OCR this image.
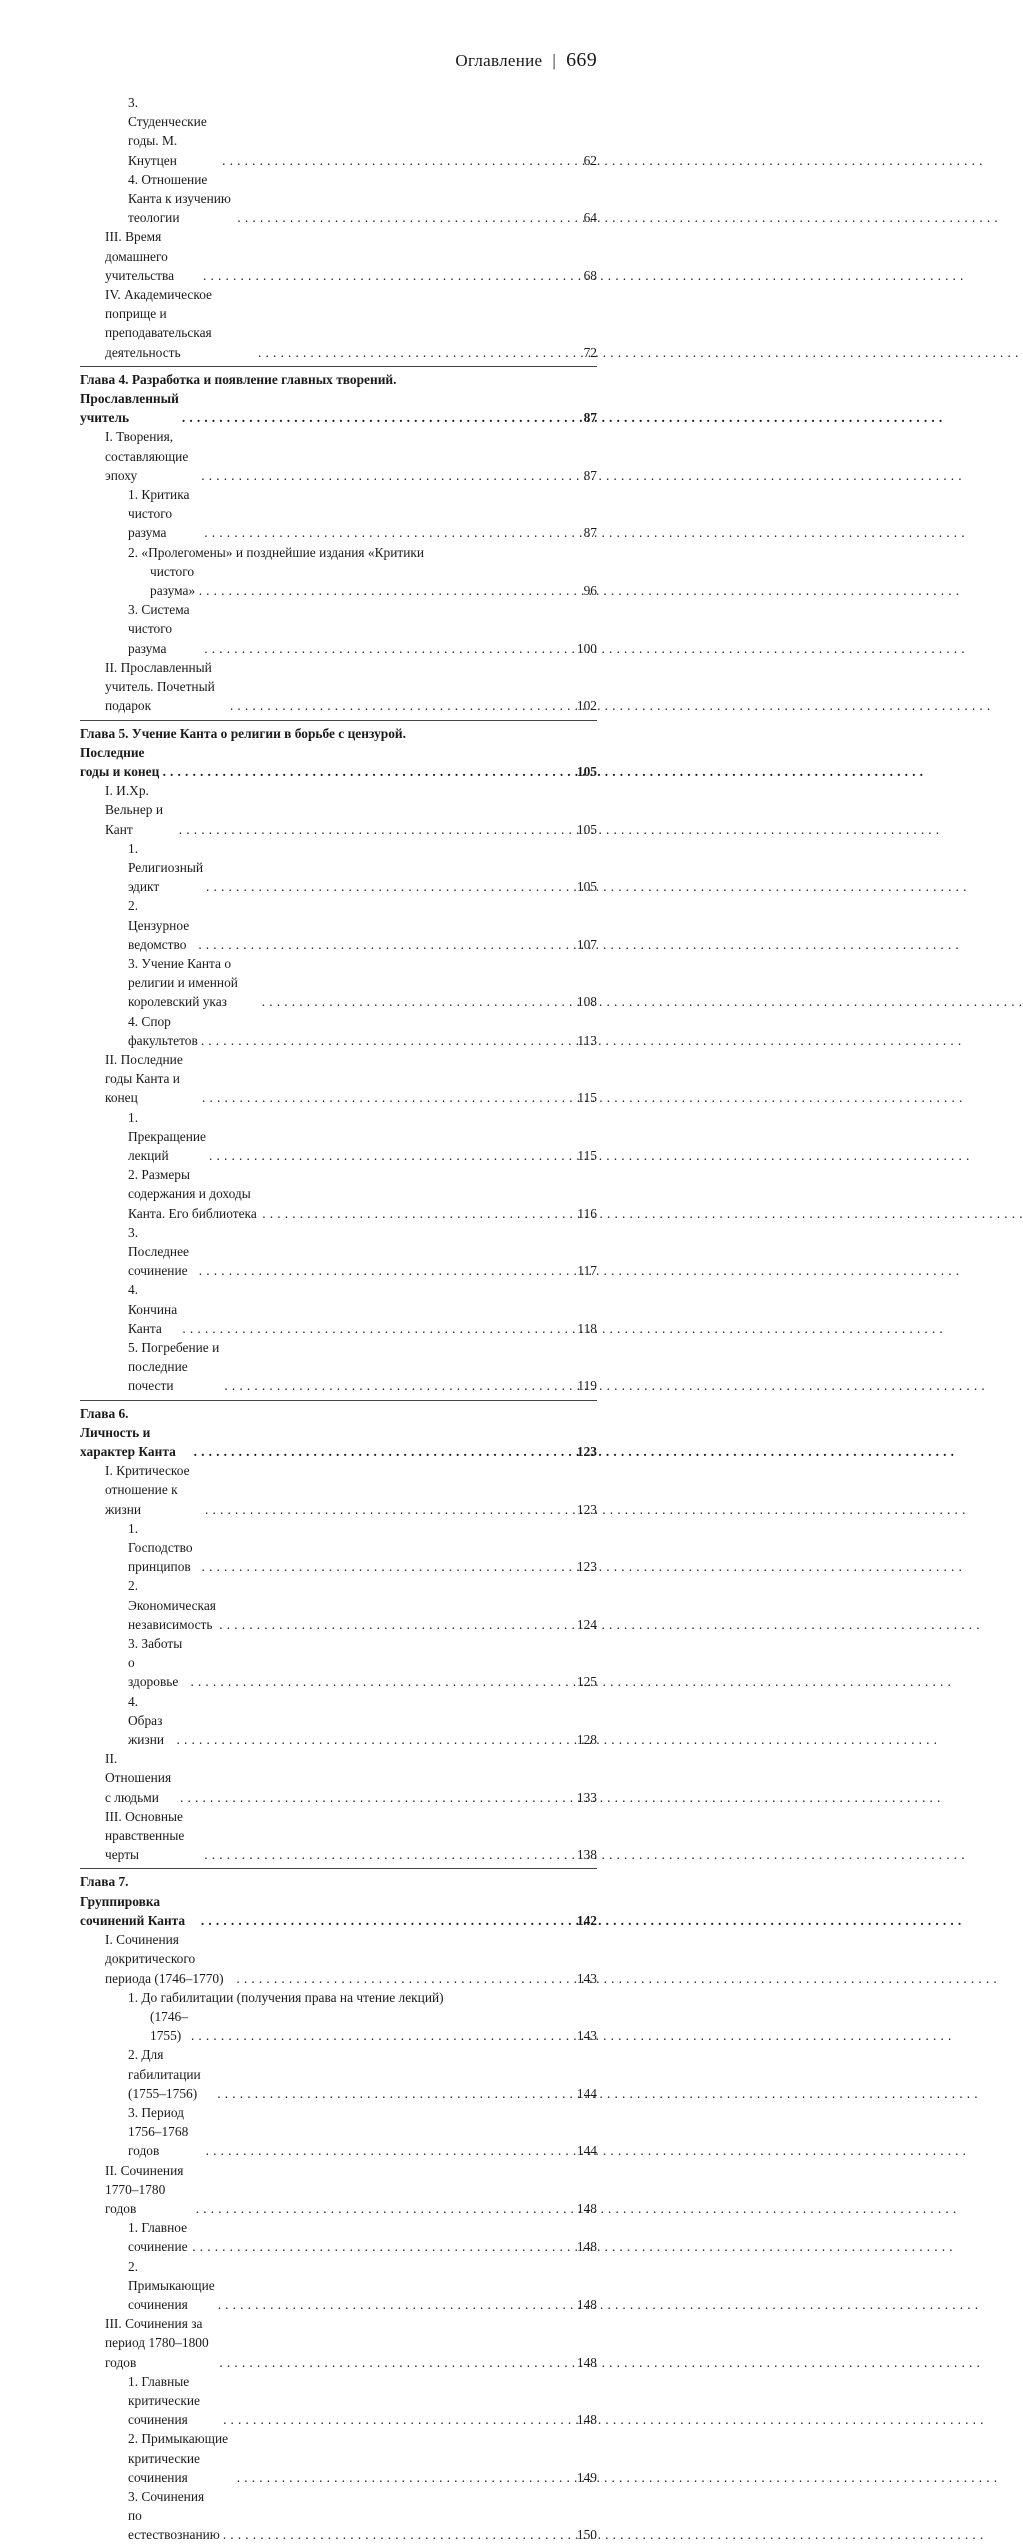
Оглавление | 669
3. Студенческие годы. М. Кнутцен . . .	62
4. Отношение Канта к изучению теологии . . .	64
III. Время домашнего учительства . . .	68
IV. Академическое поприще и преподавательская деятельность . . .	72
Глава 4. Разработка и появление главных творений.
Прославленный учитель . . .	87
I. Творения, составляющие эпоху . . .	87
1. Критика чистого разума . . .	87
2. «Пролегомены» и позднейшие издания «Критики
чистого разума» . . .	96
3. Система чистого разума . . .	100
II. Прославленный учитель. Почетный подарок . . .	102
Глава 5. Учение Канта о религии в борьбе с цензурой.
Последние годы и конец . . .	105
I. И.Хр. Вельнер и Кант . . .	105
1. Религиозный эдикт . . .	105
2. Цензурное ведомство . . .	107
3. Учение Канта о религии и именной королевский указ . . .	108
4. Спор факультетов . . .	113
II. Последние годы Канта и конец . . .	115
1. Прекращение лекций . . .	115
2. Размеры содержания и доходы Канта. Его библиотека . . .	116
3. Последнее сочинение . . .	117
4. Кончина Канта . . .	118
5. Погребение и последние почести . . .	119
Глава 6. Личность и характер Канта . . .	123
I. Критическое отношение к жизни . . .	123
1. Господство принципов . . .	123
2. Экономическая независимость . . .	124
3. Заботы о здоровье . . .	125
4. Образ жизни . . .	128
II. Отношения с людьми . . .	133
III. Основные нравственные черты . . .	138
Глава 7. Группировка сочинений Канта . . .	142
I. Сочинения докритического периода (1746–1770) . . .	143
1. До габилитации (получения права на чтение лекций)
(1746–1755) . . .	143
2. Для габилитации (1755–1756) . . .	144
3. Период 1756–1768 годов . . .	144
II. Сочинения 1770–1780 годов . . .	148
1. Главное сочинение . . .	148
2. Примыкающие сочинения . . .	148
III. Сочинения за период 1780–1800 годов . . .	148
1. Главные критические сочинения . . .	148
2. Примыкающие критические сочинения . . .	149
3. Сочинения по естествознанию . . .	150
